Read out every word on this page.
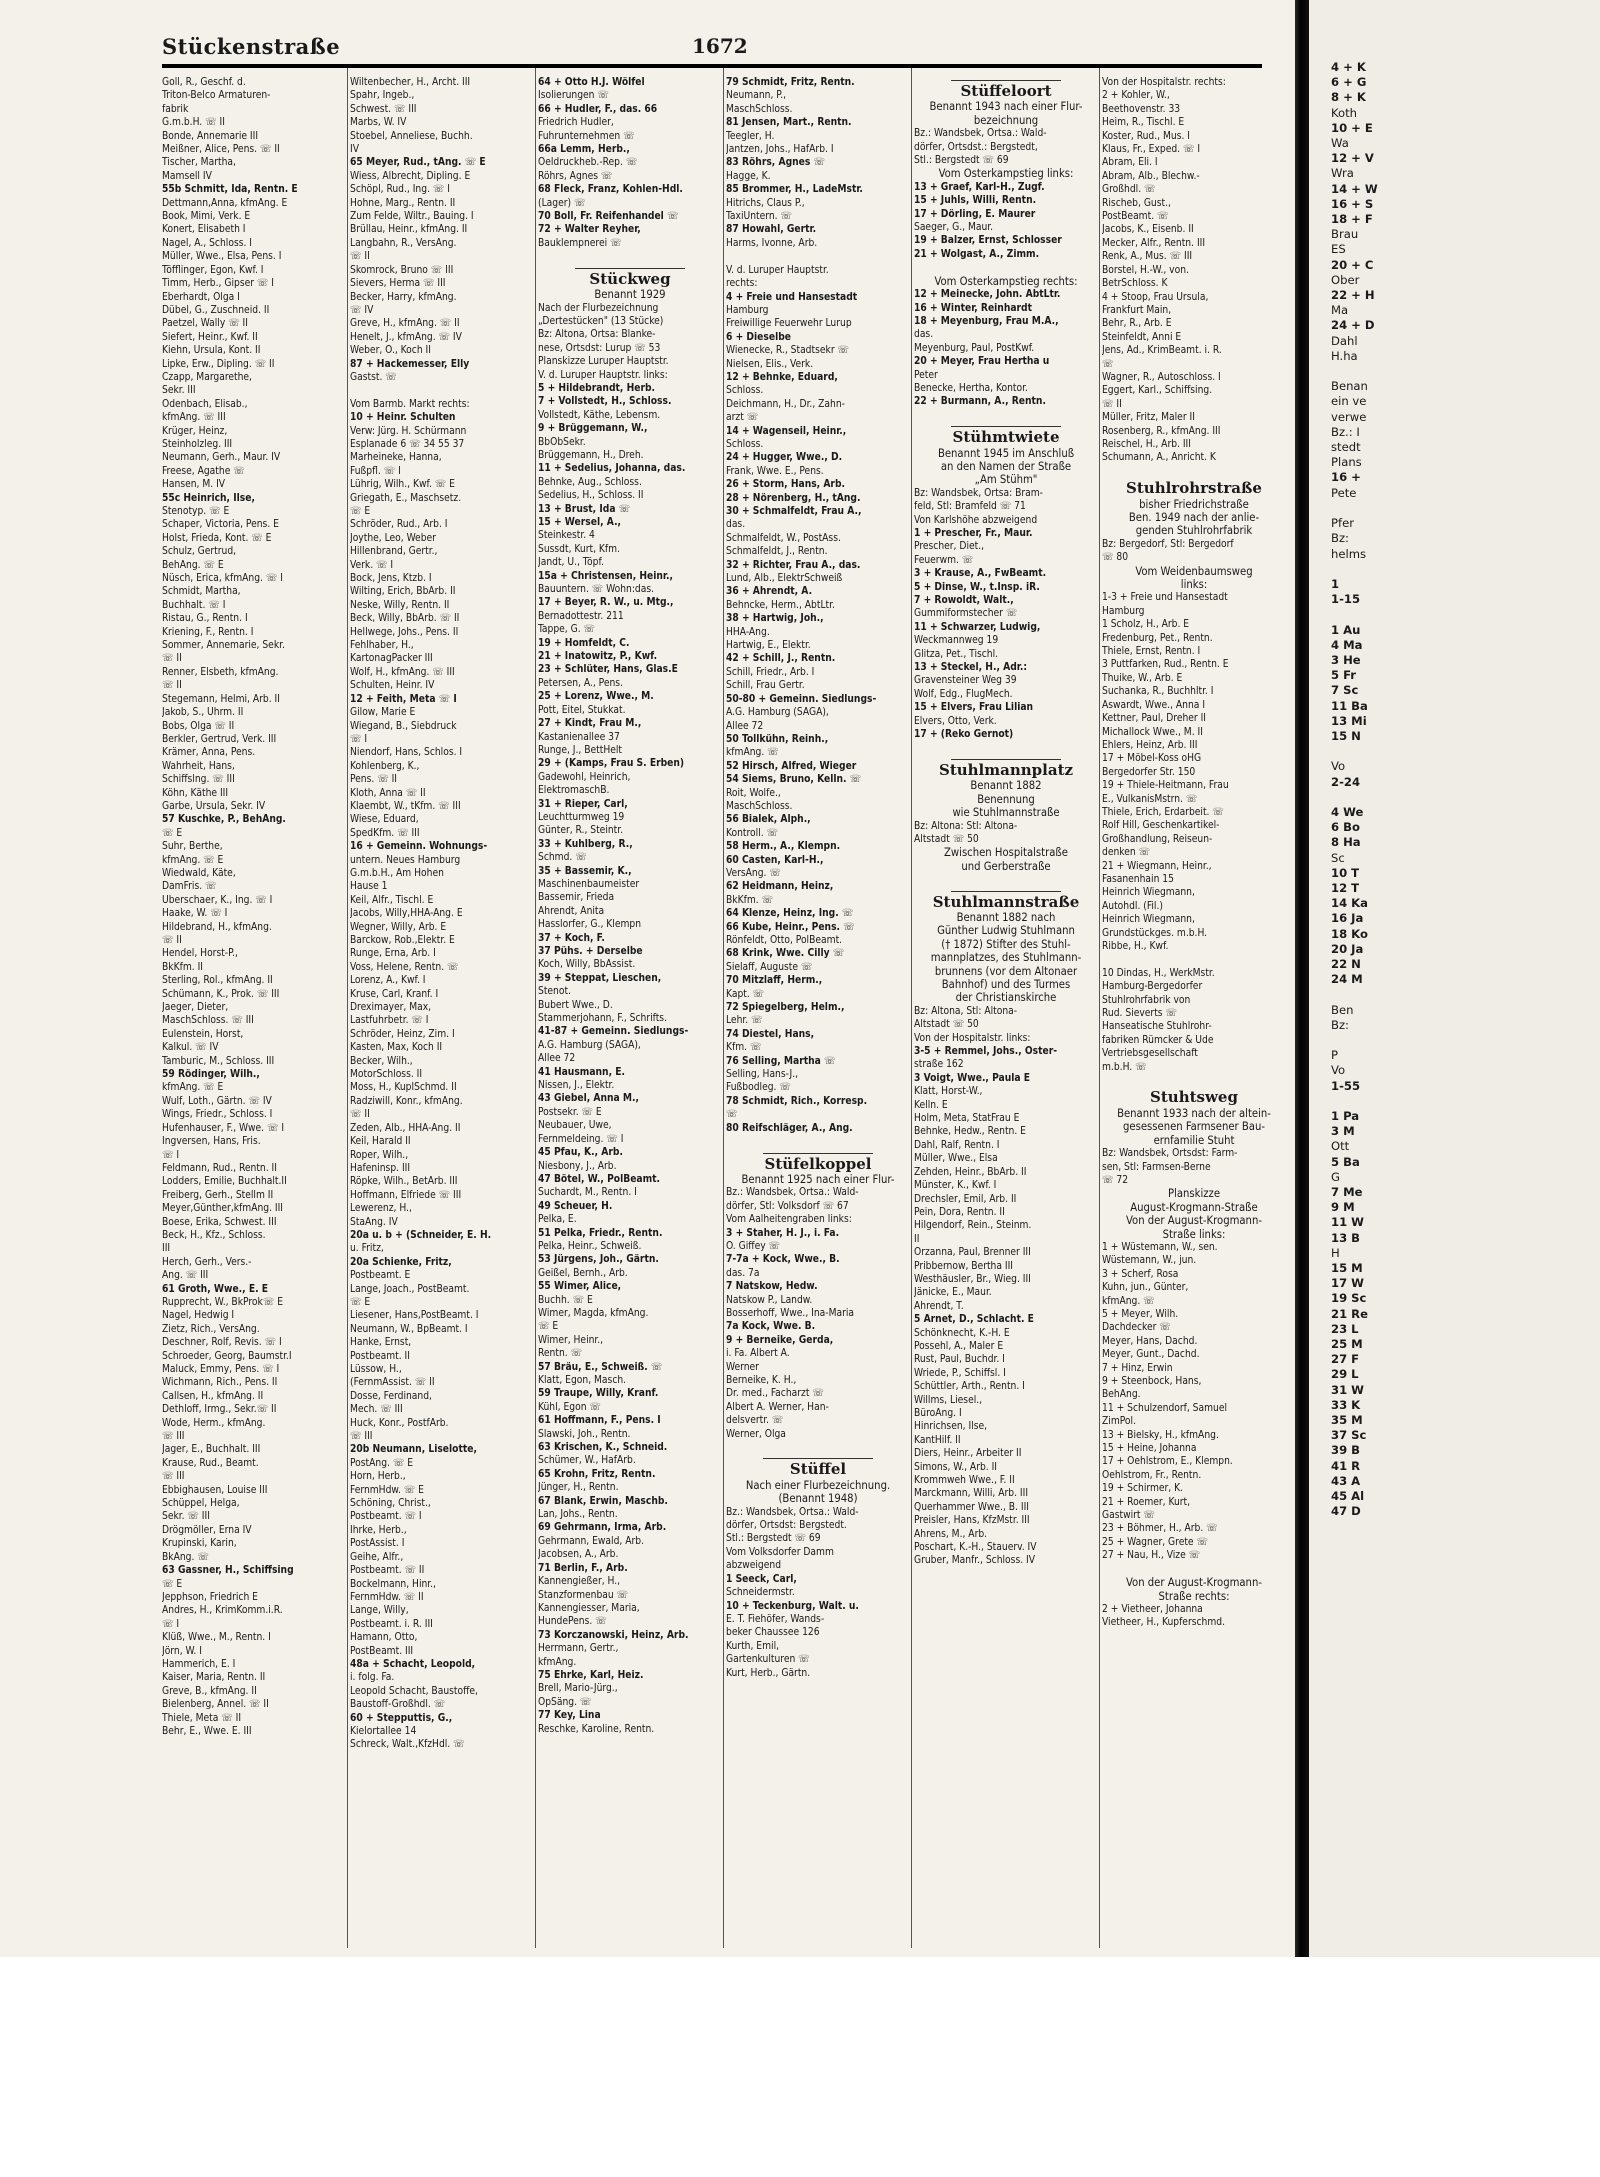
4 + K
6 + G
8 + K
Koth
10 + E
Wa
12 + V
Wra
14 + W
16 + S
18 + F
Brau
ES
20 + C
Ober
22 + H
Ma
24 + D
Dahl
H.ha

Benan
ein ve
verwe
Bz.: I
stedt
Plans
16 +
Pete

Pfer
Bz:
helms

1
1-15

1 Au
4 Ma
3 He
5 Fr
7 Sc
11 Ba
13 Mi
15 N

Vo
2-24

4 We
6 Bo
8 Ha
Sc
10 T
12 T
14 Ka
16 Ja
18 Ko
20 Ja
22 N
24 M

Ben
Bz:

P
Vo
1-55

1 Pa
3 M
Ott
5 Ba
G
7 Me
9 M
11 W
13 B
H
15 M
17 W
19 Sc
21 Re
23 L
25 M
27 F
29 L
31 W
33 K
35 M
37 Sc
39 B
41 R
43 A
45 Al
47 D
Stückenstraße	1672
Goll, R., Geschf. d.
Triton-Belco Armaturen-
fabrik
G.m.b.H. ☏ II
Bonde, Annemarie III
Meißner, Alice, Pens. ☏ II
Tischer, Martha,
Mamsell IV
55b Schmitt, Ida, Rentn. E
Dettmann,Anna, kfmAng. E
Book, Mimi, Verk. E
Konert, Elisabeth I
Nagel, A., Schloss. I
Müller, Wwe., Elsa, Pens. I
Töfflinger, Egon, Kwf. I
Timm, Herb., Gipser ☏ I
Eberhardt, Olga I
Dübel, G., Zuschneid. II
Paetzel, Wally ☏ II
Siefert, Heinr., Kwf. II
Kiehn, Ursula, Kont. II
Lipke, Erw., Dipling. ☏ II
Czapp, Margarethe,
Sekr. III
Odenbach, Elisab.,
kfmAng. ☏ III
Krüger, Heinz,
Steinholzleg. III
Neumann, Gerh., Maur. IV
Freese, Agathe ☏
Hansen, M. IV
55c Heinrich, Ilse,
Stenotyp. ☏ E
Schaper, Victoria, Pens. E
Holst, Frieda, Kont. ☏ E
Schulz, Gertrud,
BehAng. ☏ E
Nüsch, Erica, kfmAng. ☏ I
Schmidt, Martha,
Buchhalt. ☏ I
Ristau, G., Rentn. I
Kriening, F., Rentn. I
Sommer, Annemarie, Sekr.
☏ II
Renner, Elsbeth, kfmAng.
☏ II
Stegemann, Helmi, Arb. II
Jakob, S., Uhrm. II
Bobs, Olga ☏ II
Berkler, Gertrud, Verk. III
Krämer, Anna, Pens.
Wahrheit, Hans,
Schiffslng. ☏ III
Köhn, Käthe III
Garbe, Ursula, Sekr. IV
57 Kuschke, P., BehAng.
☏ E
Suhr, Berthe,
kfmAng. ☏ E
Wiedwald, Käte,
DamFris. ☏
Uberschaer, K., Ing. ☏ I
Haake, W. ☏ I
Hildebrand, H., kfmAng.
☏ II
Hendel, Horst-P.,
BkKfm. II
Sterling, Rol., kfmAng. II
Schümann, K., Prok. ☏ III
Jaeger, Dieter,
MaschSchloss. ☏ III
Eulenstein, Horst,
Kalkul. ☏ IV
Tamburic, M., Schloss. III
59 Rödinger, Wilh.,
kfmAng. ☏ E
Wulf, Loth., Gärtn. ☏ IV
Wings, Friedr., Schloss. I
Hufenhauser, F., Wwe. ☏ I
Ingversen, Hans, Fris.
☏ I
Feldmann, Rud., Rentn. II
Lodders, Emilie, Buchhalt.II
Freiberg, Gerh., Stellm II
Meyer,Günther,kfmAng. III
Boese, Erika, Schwest. III
Beck, H., Kfz., Schloss.
III
Herch, Gerh., Vers.-
Ang. ☏ III
61 Groth, Wwe., E. E
Rupprecht, W., BkProk☏ E
Nagel, Hedwig I
Zietz, Rich., VersAng.
Deschner, Rolf, Revis. ☏ I
Schroeder, Georg, Baumstr.I
Maluck, Emmy, Pens. ☏ I
Wichmann, Rich., Pens. II
Callsen, H., kfmAng. II
Dethloff, Irmg., Sekr.☏ II
Wode, Herm., kfmAng.
☏ III
Jager, E., Buchhalt. III
Krause, Rud., Beamt.
☏ III
Ebbighausen, Louise III
Schüppel, Helga,
Sekr. ☏ III
Drögmöller, Erna IV
Krupinski, Karin,
BkAng. ☏
63 Gassner, H., Schiffsing
☏ E
Jepphson, Friedrich E
Andres, H., KrimKomm.i.R.
☏ I
Klüß, Wwe., M., Rentn. I
Jörn, W. I
Hammerich, E. I
Kaiser, Maria, Rentn. II
Greve, B., kfmAng. II
Bielenberg, Annel. ☏ II
Thiele, Meta ☏ II
Behr, E., Wwe. E. III
Wiltenbecher, H., Archt. III
Spahr, Ingeb.,
Schwest. ☏ III
Marbs, W. IV
Stoebel, Anneliese, Buchh.
IV
65 Meyer, Rud., tAng. ☏ E
Wiess, Albrecht, Dipling. E
Schöpl, Rud., Ing. ☏ I
Hohne, Marg., Rentn. II
Zum Felde, Wiltr., Bauing. I
Brüllau, Heinr., kfmAng. II
Langbahn, R., VersAng.
☏ II
Skomrock, Bruno ☏ III
Sievers, Herma ☏ III
Becker, Harry, kfmAng.
☏ IV
Greve, H., kfmAng. ☏ II
Henelt, J., kfmAng. ☏ IV
Weber, O., Koch II
87 + Hackemesser, Elly
Gastst. ☏

Vom Barmb. Markt rechts:
10 + Heinr. Schulten
Verw: Jürg. H. Schürmann
Esplanade 6 ☏ 34 55 37
Marheineke, Hanna,
Fußpfl. ☏ I
Lührig, Wilh., Kwf. ☏ E
Griegath, E., Maschsetz.
☏ E
Schröder, Rud., Arb. I
Joythe, Leo, Weber
Hillenbrand, Gertr.,
Verk. ☏ I
Bock, Jens, Ktzb. I
Wilting, Erich, BbArb. II
Neske, Willy, Rentn. II
Beck, Willy, BbArb. ☏ II
Hellwege, Johs., Pens. II
Fehlhaber, H.,
KartonagPacker III
Wolf, H., kfmAng. ☏ III
Schulten, Heinr. IV
12 + Feith, Meta ☏ I
Gilow, Marie E
Wiegand, B., Siebdruck
☏ I
Niendorf, Hans, Schlos. I
Kohlenberg, K.,
Pens. ☏ II
Kloth, Anna ☏ II
Klaembt, W., tKfm. ☏ III
Wiese, Eduard,
SpedKfm. ☏ III
16 + Gemeinn. Wohnungs-
untern. Neues Hamburg
G.m.b.H., Am Hohen
Hause 1
Keil, Alfr., Tischl. E
Jacobs, Willy,HHA-Ang. E
Wegner, Willy, Arb. E
Barckow, Rob.,Elektr. E
Runge, Erna, Arb. I
Voss, Helene, Rentn. ☏
Lorenz, A., Kwf. I
Kruse, Carl, Kranf. I
Dreximayer, Max,
Lastfuhrbetr. ☏ I
Schröder, Heinz, Zim. I
Kasten, Max, Koch II
Becker, Wilh.,
MotorSchloss. II
Moss, H., KuplSchmd. II
Radziwill, Konr., kfmAng.
☏ II
Zeden, Alb., HHA-Ang. II
Keil, Harald II
Roper, Wilh.,
Hafeninsp. III
Röpke, Wilh., BetArb. III
Hoffmann, Elfriede ☏ III
Lewerenz, H.,
StaAng. IV
20a u. b + (Schneider, E. H.
u. Fritz,
20a Schienke, Fritz,
Postbeamt. E
Lange, Joach., PostBeamt.
☏ E
Liesener, Hans,PostBeamt. I
Neumann, W., BpBeamt. I
Hanke, Ernst,
Postbeamt. II
Lüssow, H.,
(FernmAssist. ☏ II
Dosse, Ferdinand,
Mech. ☏ III
Huck, Konr., PostfArb.
☏ III
20b Neumann, Liselotte,
PostAng. ☏ E
Horn, Herb.,
FernmHdw. ☏ E
Schöning, Christ.,
Postbeamt. ☏ I
Ihrke, Herb.,
PostAssist. I
Geihe, Alfr.,
Postbeamt. ☏ II
Bockelmann, Hinr.,
FernmHdw. ☏ II
Lange, Willy,
Postbeamt. i. R. III
Hamann, Otto,
PostBeamt. III
48a + Schacht, Leopold,
i. folg. Fa.
Leopold Schacht, Baustoffe,
Baustoff-Großhdl. ☏
60 + Stepputtis, G.,
Kielortallee 14
Schreck, Walt.,KfzHdl. ☏
64 + Otto H.J. Wölfel
Isolierungen ☏
66 + Hudler, F., das. 66
Friedrich Hudler,
Fuhrunternehmen ☏
66a Lemm, Herb.,
Oeldruckheb.-Rep. ☏
Röhrs, Agnes ☏
68 Fleck, Franz, Kohlen-Hdl.
(Lager) ☏
70 Boll, Fr. Reifenhandel ☏
72 + Walter Reyher,
Bauklempnerei ☏

Stückweg
Benannt 1929
Nach der Flurbezeichnung
„Dertestücken" (13 Stücke)
Bz: Altona, Ortsa: Blanke-
nese, Ortsdst: Lurup ☏ 53
Planskizze Luruper Hauptstr.
V. d. Luruper Hauptstr. links:
5 + Hildebrandt, Herb.
7 + Vollstedt, H., Schloss.
Vollstedt, Käthe, Lebensm.
9 + Brüggemann, W.,
BbObSekr.
Brüggemann, H., Dreh.
11 + Sedelius, Johanna, das.
Behnke, Aug., Schloss.
Sedelius, H., Schloss. II
13 + Brust, Ida ☏
15 + Wersel, A.,
Steinkestr. 4
Sussdt, Kurt, Kfm.
Jandt, U., Töpf.
15a + Christensen, Heinr.,
Bauuntern. ☏ Wohn:das.
17 + Beyer, R. W., u. Mtg.,
Bernadottestr. 211
Tappe, G. ☏
19 + Homfeldt, C.
21 + Inatowitz, P., Kwf.
23 + Schlüter, Hans, Glas.E
Petersen, A., Pens.
25 + Lorenz, Wwe., M.
Pott, Eitel, Stukkat.
27 + Kindt, Frau M.,
Kastanienallee 37
Runge, J., BettHelt
29 + (Kamps, Frau S. Erben)
Gadewohl, Heinrich,
ElektromaschB.
31 + Rieper, Carl,
Leuchtturmweg 19
Günter, R., Steintr.
33 + Kuhlberg, R.,
Schmd. ☏
35 + Bassemir, K.,
Maschinenbaumeister
Bassemir, Frieda
Ahrendt, Anita
Hasslorfer, G., Klempn
37 + Koch, F.
37 Pühs. + Derselbe
Koch, Willy, BbAssist.
39 + Steppat, Lieschen,
Stenot.
Bubert Wwe., D.
Stammerjohann, F., Schrifts.
41-87 + Gemeinn. Siedlungs-
A.G. Hamburg (SAGA),
Allee 72
41 Hausmann, E.
Nissen, J., Elektr.
43 Giebel, Anna M.,
Postsekr. ☏ E
Neubauer, Uwe,
Fernmeldeing. ☏ I
45 Pfau, K., Arb.
Niesbony, J., Arb.
47 Bötel, W., PolBeamt.
Suchardt, M., Rentn. I
49 Scheuer, H.
Pelka, E.
51 Pelka, Friedr., Rentn.
Pelka, Heinr., Schweiß.
53 Jürgens, Joh., Gärtn.
Geißel, Bernh., Arb.
55 Wimer, Alice,
Buchh. ☏ E
Wimer, Magda, kfmAng.
☏ E
Wimer, Heinr.,
Rentn. ☏
57 Bräu, E., Schweiß. ☏
Klatt, Egon, Masch.
59 Traupe, Willy, Kranf.
Kühl, Egon ☏
61 Hoffmann, F., Pens. I
Slawski, Joh., Rentn.
63 Krischen, K., Schneid.
Schümer, W., HafArb.
65 Krohn, Fritz, Rentn.
Jünger, H., Rentn.
67 Blank, Erwin, Maschb.
Lan, Johs., Rentn.
69 Gehrmann, Irma, Arb.
Gehrmann, Ewald, Arb.
Jacobsen, A., Arb.
71 Berlin, F., Arb.
Kannengießer, H.,
Stanzformenbau ☏
Kannengiesser, Maria,
HundePens. ☏
73 Korczanowski, Heinz, Arb.
Herrmann, Gertr.,
kfmAng.
75 Ehrke, Karl, Heiz.
Brell, Mario-Jürg.,
OpSäng. ☏
77 Key, Lina
Reschke, Karoline, Rentn.
79 Schmidt, Fritz, Rentn.
Neumann, P.,
MaschSchloss.
81 Jensen, Mart., Rentn.
Teegler, H.
Jantzen, Johs., HafArb. I
83 Röhrs, Agnes ☏
Hagge, K.
85 Brommer, H., LadeMstr.
Hitrichs, Claus P.,
TaxiUntern. ☏
87 Howahl, Gertr.
Harms, Ivonne, Arb.

V. d. Luruper Hauptstr.
rechts:
4 + Freie und Hansestadt
Hamburg
Freiwillige Feuerwehr Lurup
6 + Dieselbe
Wienecke, R., Stadtsekr ☏
Nielsen, Elis., Verk.
12 + Behnke, Eduard,
Schloss.
Deichmann, H., Dr., Zahn-
arzt ☏
14 + Wagenseil, Heinr.,
Schloss.
24 + Hugger, Wwe., D.
Frank, Wwe. E., Pens.
26 + Storm, Hans, Arb.
28 + Nörenberg, H., tAng.
30 + Schmalfeldt, Frau A.,
das.
Schmalfeldt, W., PostAss.
Schmalfeldt, J., Rentn.
32 + Richter, Frau A., das.
Lund, Alb., ElektrSchweiß
36 + Ahrendt, A.
Behncke, Herm., AbtLtr.
38 + Hartwig, Joh.,
HHA-Ang.
Hartwig, E., Elektr.
42 + Schill, J., Rentn.
Schill, Friedr., Arb. I
Schill, Frau Gertr.
50-80 + Gemeinn. Siedlungs-
A.G. Hamburg (SAGA),
Allee 72
50 Tollkühn, Reinh.,
kfmAng. ☏
52 Hirsch, Alfred, Wieger
54 Siems, Bruno, Kelln. ☏
Roit, Wolfe.,
MaschSchloss.
56 Bialek, Alph.,
Kontroll. ☏
58 Herm., A., Klempn.
60 Casten, Karl-H.,
VersAng. ☏
62 Heidmann, Heinz,
BkKfm. ☏
64 Klenze, Heinz, Ing. ☏
66 Kube, Heinr., Pens. ☏
Rönfeldt, Otto, PolBeamt.
68 Krink, Wwe. Cilly ☏
Sielaff, Auguste ☏
70 Mitzlaff, Herm.,
Kapt. ☏
72 Spiegelberg, Helm.,
Lehr. ☏
74 Diestel, Hans,
Kfm. ☏
76 Selling, Martha ☏
Selling, Hans-J.,
Fußbodleg. ☏
78 Schmidt, Rich., Korresp.
☏
80 Reifschläger, A., Ang.

Stüfelkoppel
Benannt 1925 nach einer Flur-
Bz.: Wandsbek, Ortsa.: Wald-
dörfer, Stl: Volksdorf ☏ 67
Vom Aalheitengraben links:
3 + Staher, H. J., i. Fa.
O. Giffey ☏
7-7a + Kock, Wwe., B.
das. 7a
7 Natskow, Hedw.
Natskow P., Landw.
Bosserhoff, Wwe., Ina-Maria
7a Kock, Wwe. B.
9 + Berneike, Gerda,
i. Fa. Albert A.
Werner
Berneike, K. H.,
Dr. med., Facharzt ☏
Albert A. Werner, Han-
delsvertr. ☏
Werner, Olga

Stüffel
Nach einer Flurbezeichnung.
(Benannt 1948)
Bz.: Wandsbek, Ortsa.: Wald-
dörfer, Ortsdst: Bergstedt.
Stl.: Bergstedt ☏ 69
Vom Volksdorfer Damm
abzweigend
1 Seeck, Carl,
Schneidermstr.
10 + Teckenburg, Walt. u.
E. T. Fiehöfer, Wands-
beker Chaussee 126
Kurth, Emil,
Gartenkulturen ☏
Kurt, Herb., Gärtn.
Stüffeloort
Benannt 1943 nach einer Flur-
bezeichnung
Bz.: Wandsbek, Ortsa.: Wald-
dörfer, Ortsdst.: Bergstedt,
Stl.: Bergstedt ☏ 69
Vom Osterkampstieg links:
13 + Graef, Karl-H., Zugf.
15 + Juhls, Willi, Rentn.
17 + Dörling, E. Maurer
Saeger, G., Maur.
19 + Balzer, Ernst, Schlosser
21 + Wolgast, A., Zimm.

Vom Osterkampstieg rechts:
12 + Meinecke, John. AbtLtr.
16 + Winter, Reinhardt
18 + Meyenburg, Frau M.A.,
das.
Meyenburg, Paul, PostKwf.
20 + Meyer, Frau Hertha u
Peter
Benecke, Hertha, Kontor.
22 + Burmann, A., Rentn.

Stühmtwiete
Benannt 1945 im Anschluß
an den Namen der Straße
„Am Stühm"
Bz: Wandsbek, Ortsa: Bram-
feld, Stl: Bramfeld ☏ 71
Von Karlshöhe abzweigend
1 + Prescher, Fr., Maur.
Prescher, Diet.,
Feuerwm. ☏
3 + Krause, A., FwBeamt.
5 + Dinse, W., t.Insp. iR.
7 + Rowoldt, Walt.,
Gummiformstecher ☏
11 + Schwarzer, Ludwig,
Weckmannweg 19
Glitza, Pet., Tischl.
13 + Steckel, H., Adr.:
Gravensteiner Weg 39
Wolf, Edg., FlugMech.
15 + Elvers, Frau Lilian
Elvers, Otto, Verk.
17 + (Reko Gernot)

Stuhlmannplatz
Benannt 1882
Benennung
wie Stuhlmannstraße
Bz: Altona: Stl: Altona-
Altstadt ☏ 50
Zwischen Hospitalstraße
und Gerberstraße

Stuhlmannstraße
Benannt 1882 nach
Günther Ludwig Stuhlmann
(† 1872) Stifter des Stuhl-
mannplatzes, des Stuhlmann-
brunnens (vor dem Altonaer
Bahnhof) und des Turmes
der Christianskirche
Bz: Altona, Stl: Altona-
Altstadt ☏ 50
Von der Hospitalstr. links:
3-5 + Remmel, Johs., Oster-
straße 162
3 Voigt, Wwe., Paula E
Klatt, Horst-W.,
Kelln. E
Holm, Meta, StatFrau E
Behnke, Hedw., Rentn. E
Dahl, Ralf, Rentn. I
Müller, Wwe., Elsa
Zehden, Heinr., BbArb. II
Münster, K., Kwf. I
Drechsler, Emil, Arb. II
Pein, Dora, Rentn. II
Hilgendorf, Rein., Steinm.
II
Orzanna, Paul, Brenner III
Pribbernow, Bertha III
Westhäusler, Br., Wieg. III
Jänicke, E., Maur.
Ahrendt, T.
5 Arnet, D., Schlacht. E
Schönknecht, K.-H. E
Possehl, A., Maler E
Rust, Paul, Buchdr. I
Wriede, P., Schiffsl. I
Schüttler, Arth., Rentn. I
Willms, Liesel.,
BüroAng. I
Hinrichsen, Ilse,
KantHilf. II
Diers, Heinr., Arbeiter II
Simons, W., Arb. II
Krommweh Wwe., F. II
Marckmann, Willi, Arb. III
Querhammer Wwe., B. III
Preisler, Hans, KfzMstr. III
Ahrens, M., Arb.
Poschart, K.-H., Stauerv. IV
Gruber, Manfr., Schloss. IV
Von der Hospitalstr. rechts:
2 + Kohler, W.,
Beethovenstr. 33
Heim, R., Tischl. E
Koster, Rud., Mus. I
Klaus, Fr., Exped. ☏ I
Abram, Eli. I
Abram, Alb., Blechw.-
Großhdl. ☏
Rischeb, Gust.,
PostBeamt. ☏
Jacobs, K., Eisenb. II
Mecker, Alfr., Rentn. III
Renk, A., Mus. ☏ III
Borstel, H.-W., von.
BetrSchloss. K
4 + Stoop, Frau Ursula,
Frankfurt Main,
Behr, R., Arb. E
Steinfeldt, Anni E
Jens, Ad., KrimBeamt. i. R.
☏
Wagner, R., Autoschloss. I
Eggert, Karl., Schiffsing.
☏ II
Müller, Fritz, Maler II
Rosenberg, R., kfmAng. III
Reischel, H., Arb. III
Schumann, A., Anricht. K

Stuhlrohrstraße
bisher Friedrichstraße
Ben. 1949 nach der anlie-
genden Stuhlrohrfabrik
Bz: Bergedorf, Stl: Bergedorf
☏ 80
Vom Weidenbaumsweg
links:
1-3 + Freie und Hansestadt
Hamburg
1 Scholz, H., Arb. E
Fredenburg, Pet., Rentn.
Thiele, Ernst, Rentn. I
3 Puttfarken, Rud., Rentn. E
Thuike, W., Arb. E
Suchanka, R., Buchhltr. I
Aswardt, Wwe., Anna I
Kettner, Paul, Dreher II
Michallock Wwe., M. II
Ehlers, Heinz, Arb. III
17 + Möbel-Koss oHG
Bergedorfer Str. 150
19 + Thiele-Heitmann, Frau
E., VulkanisMstrn. ☏
Thiele, Erich, Erdarbeit. ☏
Rolf Hill, Geschenkartikel-
Großhandlung, Reiseun-
denken ☏
21 + Wiegmann, Heinr.,
Fasanenhain 15
Heinrich Wiegmann,
Autohdl. (Fil.)
Heinrich Wiegmann,
Grundstückges. m.b.H.
Ribbe, H., Kwf.

10 Dindas, H., WerkMstr.
Hamburg-Bergedorfer
Stuhlrohrfabrik von
Rud. Sieverts ☏
Hanseatische Stuhlrohr-
fabriken Rümcker & Ude
Vertriebsgesellschaft
m.b.H. ☏

Stuhtsweg
Benannt 1933 nach der altein-
gesessenen Farmsener Bau-
ernfamilie Stuht
Bz: Wandsbek, Ortsdst: Farm-
sen, Stl: Farmsen-Berne
☏ 72
Planskizze
August-Krogmann-Straße
Von der August-Krogmann-
Straße links:
1 + Wüstemann, W., sen.
Wüstemann, W., jun.
3 + Scherf, Rosa
Kuhn, jun., Günter,
kfmAng. ☏
5 + Meyer, Wilh.
Dachdecker ☏
Meyer, Hans, Dachd.
Meyer, Gunt., Dachd.
7 + Hinz, Erwin
9 + Steenbock, Hans,
BehAng.
11 + Schulzendorf, Samuel
ZimPol.
13 + Bielsky, H., kfmAng.
15 + Heine, Johanna
17 + Oehlstrom, E., Klempn.
Oehlstrom, Fr., Rentn.
19 + Schirmer, K.
21 + Roemer, Kurt,
Gastwirt ☏
23 + Böhmer, H., Arb. ☏
25 + Wagner, Grete ☏
27 + Nau, H., Vize ☏

Von der August-Krogmann-
Straße rechts:
2 + Vietheer, Johanna
Vietheer, H., Kupferschmd.
